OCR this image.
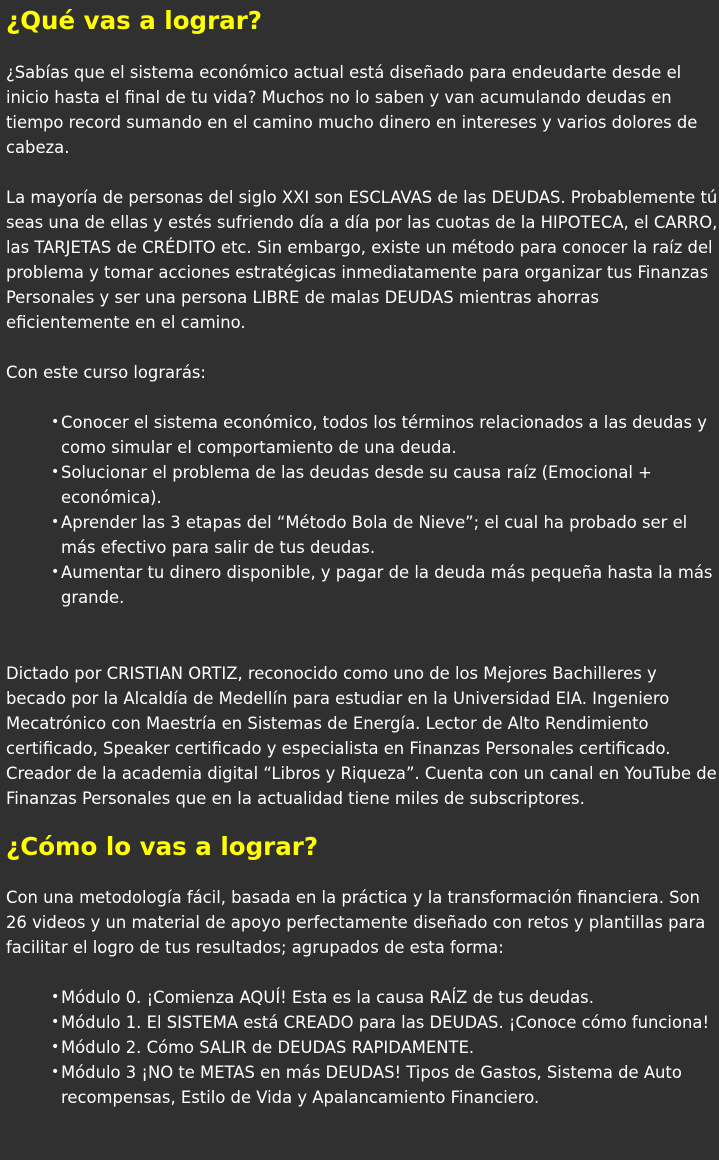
¿Qué vas a lograr?

¿Sabías que el sistema económico actual está diseñado para endeudarte desde el inicio hasta el final de tu vida? Muchos no lo saben y van acumulando deudas en tiempo record sumando en el camino mucho dinero en intereses y varios dolores de cabeza.

La mayoría de personas del siglo XXI son ESCLAVAS de las DEUDAS. Probablemente tú seas una de ellas y estés sufriendo día a día por las cuotas de la HIPOTECA, el CARRO, las TARJETAS de CRÉDITO etc. Sin embargo, existe un método para conocer la raíz del problema y tomar acciones estratégicas inmediatamente para organizar tus Finanzas Personales y ser una persona LIBRE de malas DEUDAS mientras ahorras eficientemente en el camino.

Con este curso lograrás:

• Conocer el sistema económico, todos los términos relacionados a las deudas y como simular el comportamiento de una deuda.
• Solucionar el problema de las deudas desde su causa raíz (Emocional + económica).
• Aprender las 3 etapas del “Método Bola de Nieve”; el cual ha probado ser el más efectivo para salir de tus deudas.
• Aumentar tu dinero disponible, y pagar de la deuda más pequeña hasta la más grande.

Dictado por CRISTIAN ORTIZ, reconocido como uno de los Mejores Bachilleres y becado por la Alcaldía de Medellín para estudiar en la Universidad EIA. Ingeniero Mecatrónico con Maestría en Sistemas de Energía. Lector de Alto Rendimiento certificado, Speaker certificado y especialista en Finanzas Personales certificado. Creador de la academia digital “Libros y Riqueza”. Cuenta con un canal en YouTube de Finanzas Personales que en la actualidad tiene miles de subscriptores.

¿Cómo lo vas a lograr?

Con una metodología fácil, basada en la práctica y la transformación financiera. Son 26 videos y un material de apoyo perfectamente diseñado con retos y plantillas para facilitar el logro de tus resultados; agrupados de esta forma:

• Módulo 0. ¡Comienza AQUÍ! Esta es la causa RAÍZ de tus deudas.
• Módulo 1. El SISTEMA está CREADO para las DEUDAS. ¡Conoce cómo funciona!
• Módulo 2. Cómo SALIR de DEUDAS RAPIDAMENTE.
• Módulo 3 ¡NO te METAS en más DEUDAS! Tipos de Gastos, Sistema de Auto recompensas, Estilo de Vida y Apalancamiento Financiero.
